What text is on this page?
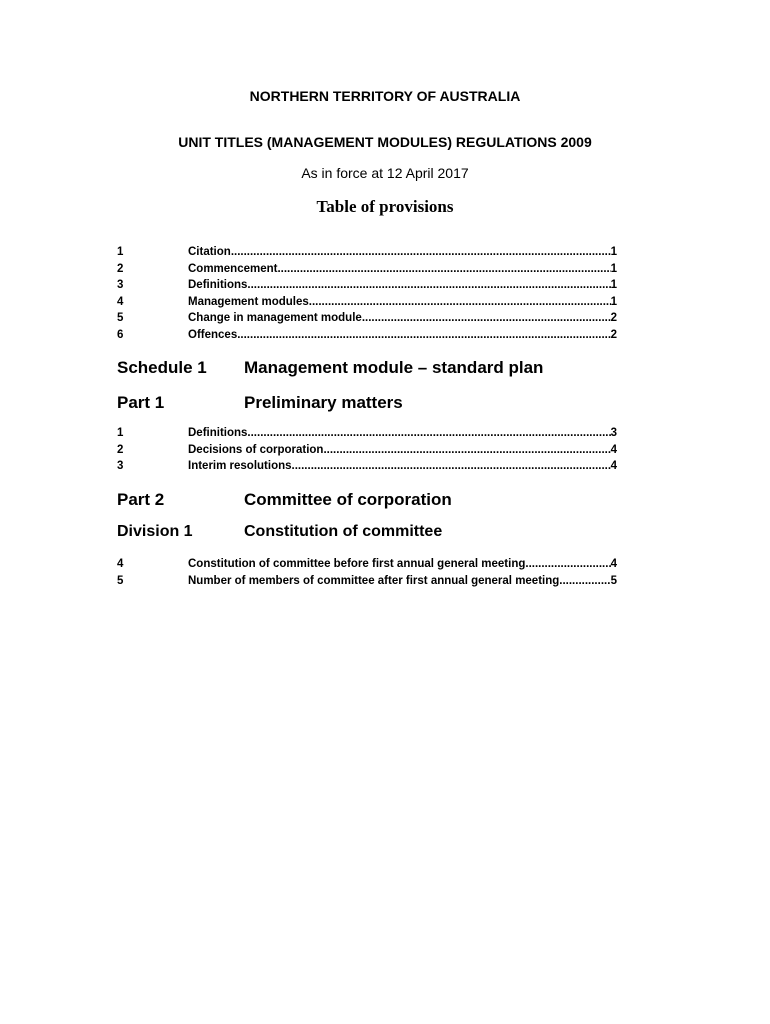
NORTHERN TERRITORY OF AUSTRALIA
UNIT TITLES (MANAGEMENT MODULES) REGULATIONS 2009
As in force at 12 April 2017
Table of provisions
1	Citation .....	1
2	Commencement .....	1
3	Definitions .....	1
4	Management modules .....	1
5	Change in management module .....	2
6	Offences .....	2
Schedule 1	Management module – standard plan
Part 1	Preliminary matters
1	Definitions .....	3
2	Decisions of corporation .....	4
3	Interim resolutions .....	4
Part 2	Committee of corporation
Division 1	Constitution of committee
4	Constitution of committee before first annual general meeting .....	4
5	Number of members of committee after first annual general meeting .....	5
